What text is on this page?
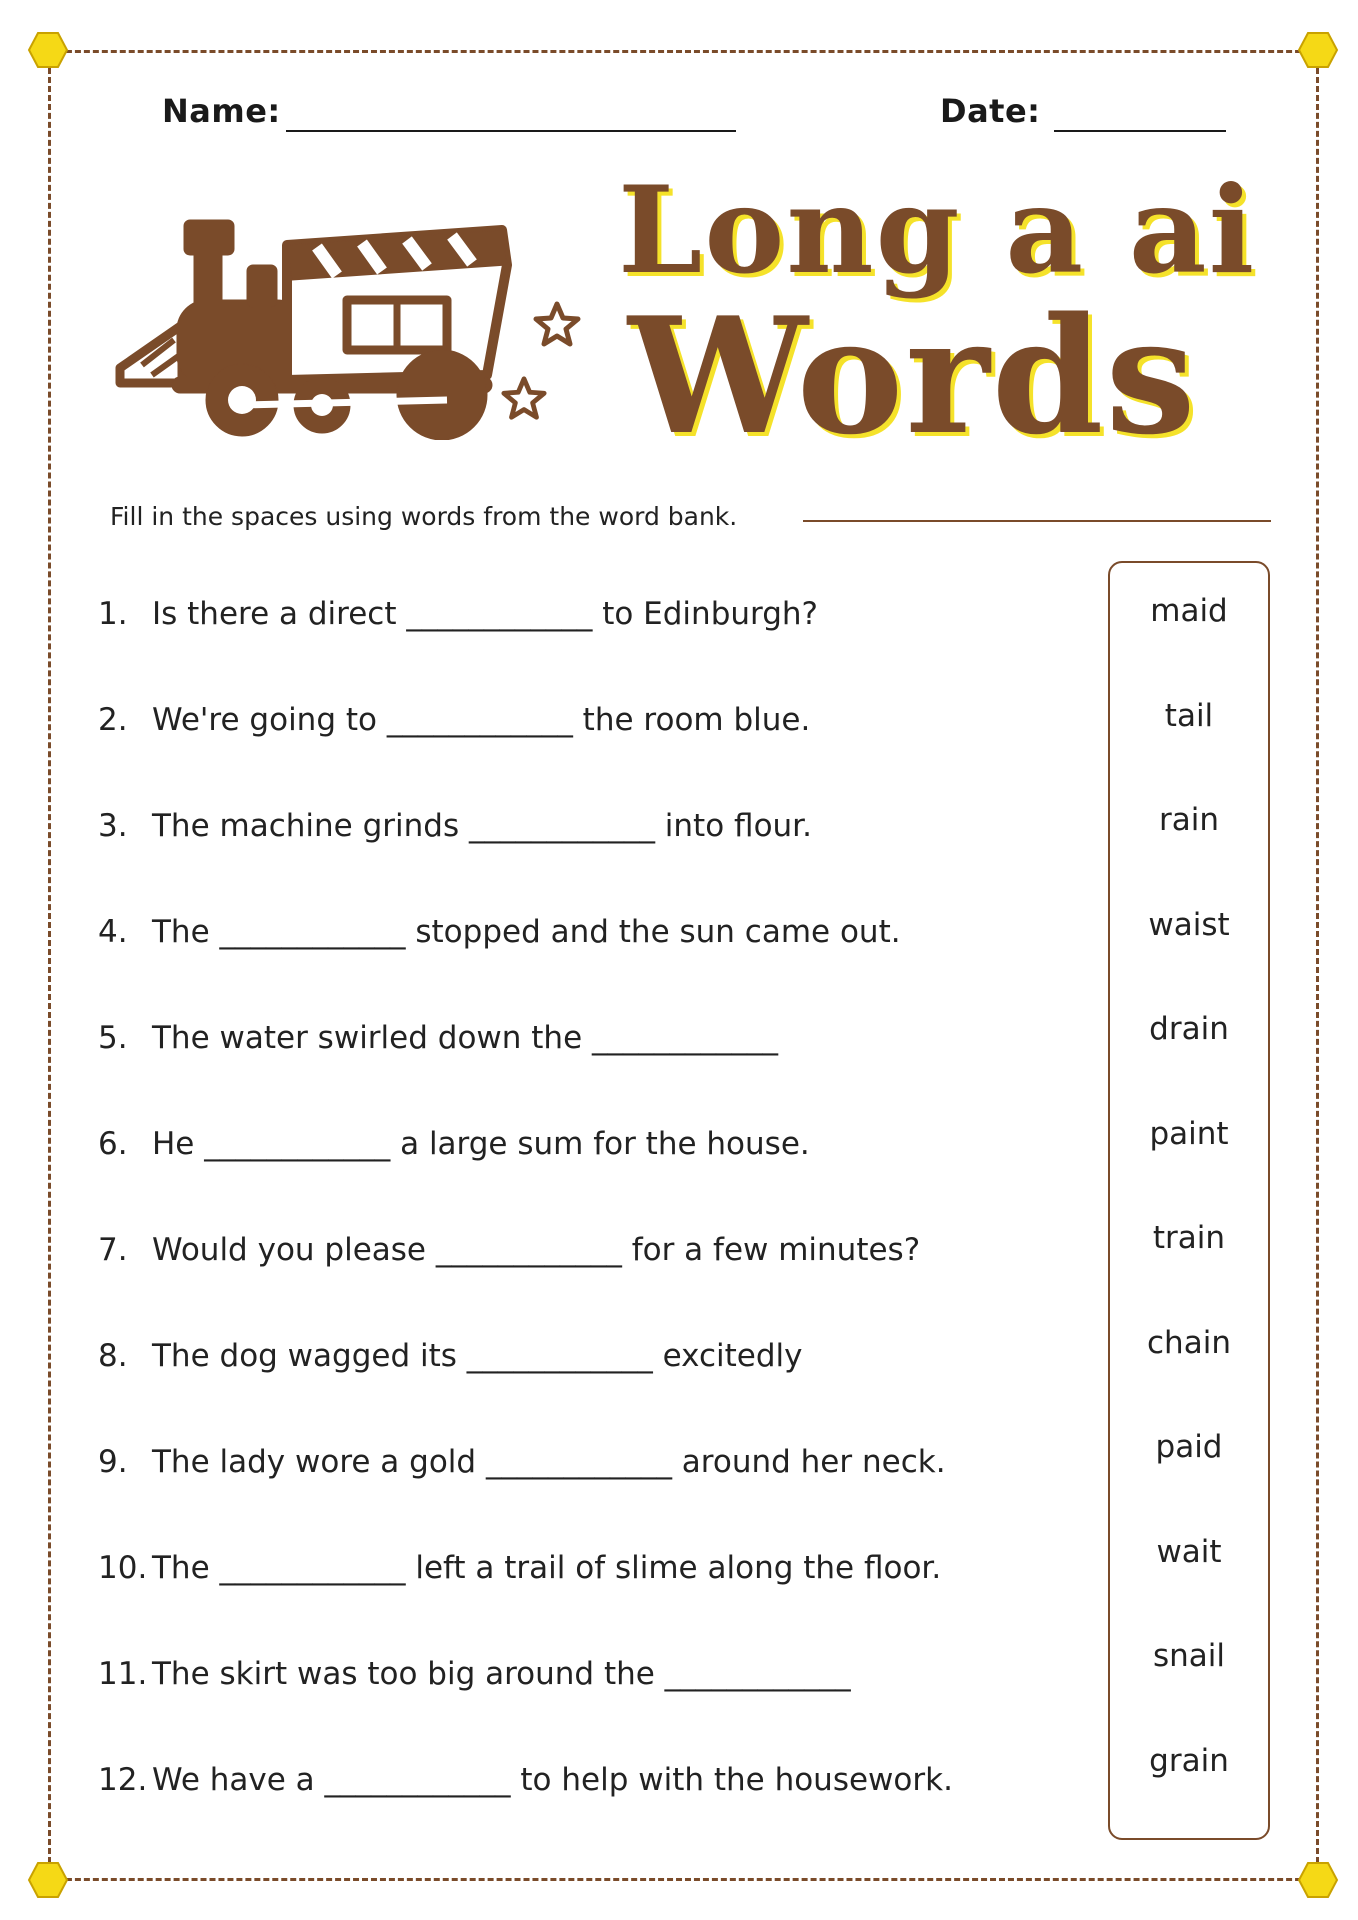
Name:	Date:
Long a ai
Words
Fill in the spaces using words from the word bank.
1. Is there a direct ____________ to Edinburgh?
2. We're going to ____________ the room blue.
3. The machine grinds ____________ into flour.
4. The ____________ stopped and the sun came out.
5. The water swirled down the ____________
6. He ____________ a large sum for the house.
7. Would you please ____________ for a few minutes?
8. The dog wagged its ____________ excitedly
9. The lady wore a gold ____________ around her neck.
10. The ____________ left a trail of slime along the floor.
11. The skirt was too big around the ____________
12. We have a ____________ to help with the housework.
maid
tail
rain
waist
drain
paint
train
chain
paid
wait
snail
grain
